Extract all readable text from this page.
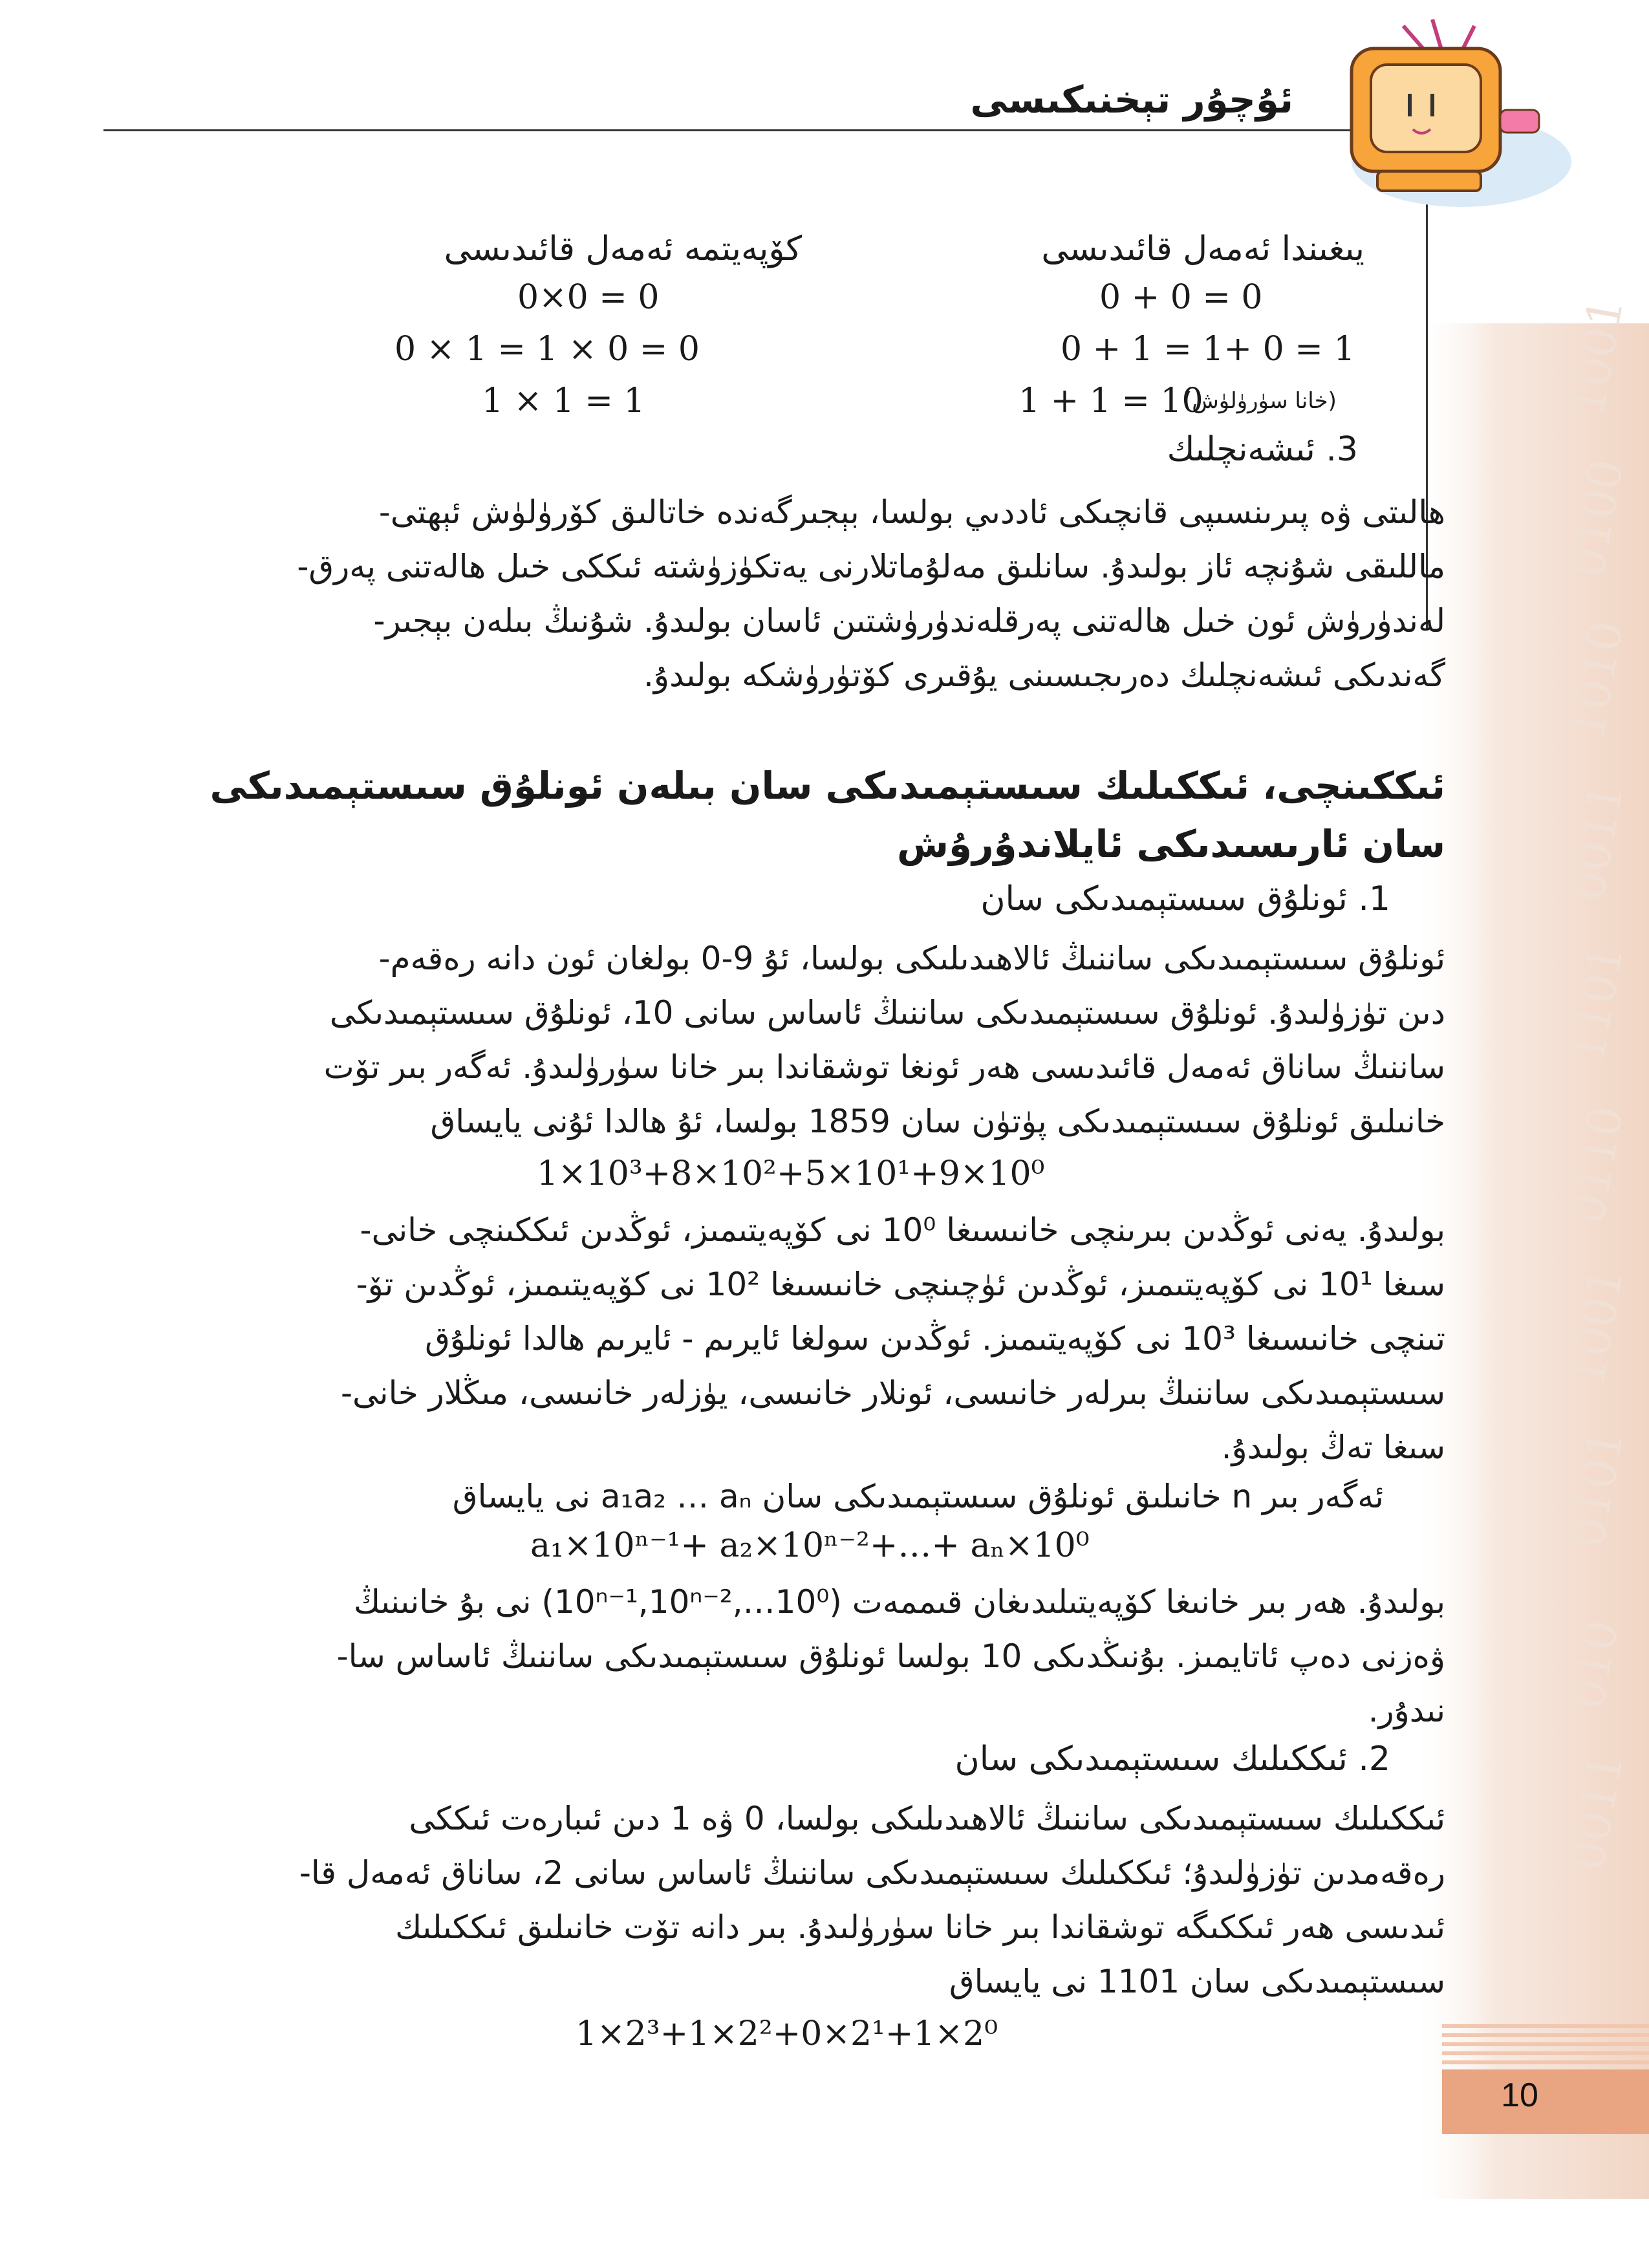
1001
0100
1010
0011
1101
0110
1001
0101
010
0011
ئۇچۇر تېخنىكىسى
يىغىندا ئەمەل قائىدىسى
كۆپەيتمە ئەمەل قائىدىسى
0 + 0 = 0
0 + 1 = 1+ 0 = 1
1 + 1 = 10
(خانا سۈرۈلۈش)
0×0 = 0
0 × 1 = 1 × 0 = 0
1 × 1 = 1
3. ئىشەنچلىك
ھالىتى ۋە پىرىنسىپى قانچىكى ئاددىي بولسا، بېجىرگەندە خاتالىق كۆرۈلۈش ئېھتى-
ماللىقى شۇنچە ئاز بولىدۇ. سانلىق مەلۇماتلارنى يەتكۈزۈشتە ئىككى خىل ھالەتنى پەرق-
لەندۈرۈش ئون خىل ھالەتنى پەرقلەندۈرۈشتىن ئاسان بولىدۇ. شۇنىڭ بىلەن بېجىر-
گەندىكى ئىشەنچلىك دەرىجىسىنى يۇقىرى كۆتۈرۈشكە بولىدۇ.
ئىككىنچى، ئىككىلىك سىستېمىدىكى سان بىلەن ئونلۇق سىستېمىدىكى
سان ئارىسىدىكى ئايلاندۇرۇش
1. ئونلۇق سىستېمىدىكى سان
ئونلۇق سىستېمىدىكى ساننىڭ ئالاھىدىلىكى بولسا، ئۇ 9-0 بولغان ئون دانە رەقەم-
دىن تۈزۈلىدۇ. ئونلۇق سىستېمىدىكى ساننىڭ ئاساس سانى 10، ئونلۇق سىستېمىدىكى
ساننىڭ ساناق ئەمەل قائىدىسى ھەر ئونغا توشقاندا بىر خانا سۈرۈلىدۇ. ئەگەر بىر تۆت
خانىلىق ئونلۇق سىستېمىدىكى پۈتۈن سان 1859 بولسا، ئۇ ھالدا ئۇنى يايساق
1×10³+8×10²+5×10¹+9×10⁰
بولىدۇ. يەنى ئوڭدىن بىرىنچى خانىسىغا 10⁰ نى كۆپەيتىمىز، ئوڭدىن ئىككىنچى خانى-
سىغا 10¹ نى كۆپەيتىمىز، ئوڭدىن ئۈچىنچى خانىسىغا 10² نى كۆپەيتىمىز، ئوڭدىن تۆ-
تىنچى خانىسىغا 10³ نى كۆپەيتىمىز. ئوڭدىن سولغا ئايرىم - ئايرىم ھالدا ئونلۇق
سىستېمىدىكى ساننىڭ بىرلەر خانىسى، ئونلار خانىسى، يۈزلەر خانىسى، مىڭلار خانى-
سىغا تەڭ بولىدۇ.
ئەگەر بىر n خانىلىق ئونلۇق سىستېمىدىكى سان a₁a₂ … aₙ نى يايساق
a₁×10ⁿ⁻¹+ a₂×10ⁿ⁻²+…+ aₙ×10⁰
بولىدۇ. ھەر بىر خانىغا كۆپەيتىلىدىغان قىممەت (10ⁿ⁻¹,10ⁿ⁻²,…10⁰) نى بۇ خانىنىڭ
ۋەزنى دەپ ئاتايمىز. بۇنىڭدىكى 10 بولسا ئونلۇق سىستېمىدىكى ساننىڭ ئاساس سا-
نىدۇر.
2. ئىككىلىك سىستېمىدىكى سان
ئىككىلىك سىستېمىدىكى ساننىڭ ئالاھىدىلىكى بولسا، 0 ۋە 1 دىن ئىبارەت ئىككى
رەقەمدىن تۈزۈلىدۇ؛ ئىككىلىك سىستېمىدىكى ساننىڭ ئاساس سانى 2، ساناق ئەمەل قا-
ئىدىسى ھەر ئىككىگە توشقاندا بىر خانا سۈرۈلىدۇ. بىر دانە تۆت خانىلىق ئىككىلىك
سىستېمىدىكى سان 1101 نى يايساق
1×2³+1×2²+0×2¹+1×2⁰
10
